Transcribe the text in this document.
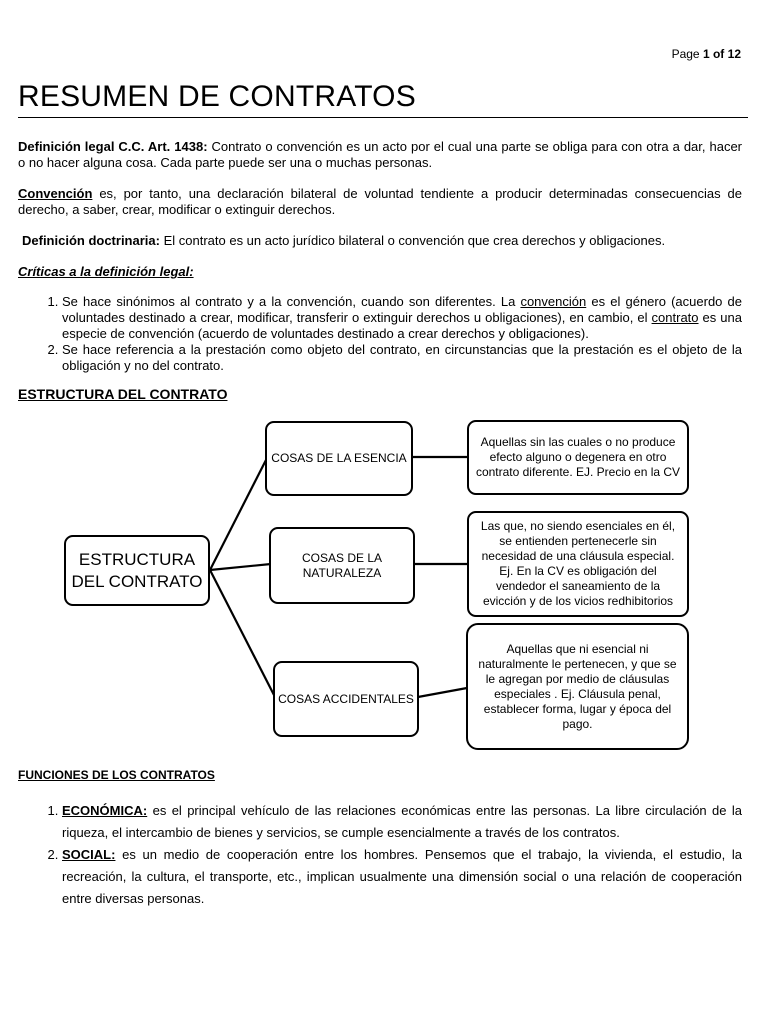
Page 1 of 12
RESUMEN DE CONTRATOS

Definición legal C.C. Art. 1438: Contrato o convención es un acto por el cual una parte se obliga para con otra a dar, hacer o no hacer alguna cosa. Cada parte puede ser una o muchas personas.

Convención es, por tanto, una declaración bilateral de voluntad tendiente a producir determinadas consecuencias de derecho, a saber, crear, modificar o extinguir derechos.

Definición doctrinaria: El contrato es un acto jurídico bilateral o convención que crea derechos y obligaciones.

Críticas a la definición legal:

1. Se hace sinónimos al contrato y a la convención, cuando son diferentes. La convención es el género (acuerdo de voluntades destinado a crear, modificar, transferir o extinguir derechos u obligaciones), en cambio, el contrato es una especie de convención (acuerdo de voluntades destinado a crear derechos y obligaciones).
2. Se hace referencia a la prestación como objeto del contrato, en circunstancias que la prestación es el objeto de la obligación y no del contrato.

ESTRUCTURA DEL CONTRATO

ESTRUCTURA DEL CONTRATO
COSAS DE LA ESENCIA
Aquellas sin las cuales o no produce efecto alguno o degenera en otro contrato diferente. EJ. Precio en la CV
COSAS DE LA NATURALEZA
Las que, no siendo esenciales en él, se entienden pertenecerle sin necesidad de una cláusula especial. Ej. En la CV es obligación del vendedor el saneamiento de la evicción y de los vicios redhibitorios
COSAS ACCIDENTALES
Aquellas que ni esencial ni naturalmente le pertenecen, y que se le agregan por medio de cláusulas especiales . Ej. Cláusula penal, establecer forma, lugar y época del pago.

FUNCIONES DE LOS CONTRATOS

1. ECONÓMICA: es el principal vehículo de las relaciones económicas entre las personas. La libre circulación de la riqueza, el intercambio de bienes y servicios, se cumple esencialmente a través de los contratos.
2. SOCIAL: es un medio de cooperación entre los hombres. Pensemos que el trabajo, la vivienda, el estudio, la recreación, la cultura, el transporte, etc., implican usualmente una dimensión social o una relación de cooperación entre diversas personas.
